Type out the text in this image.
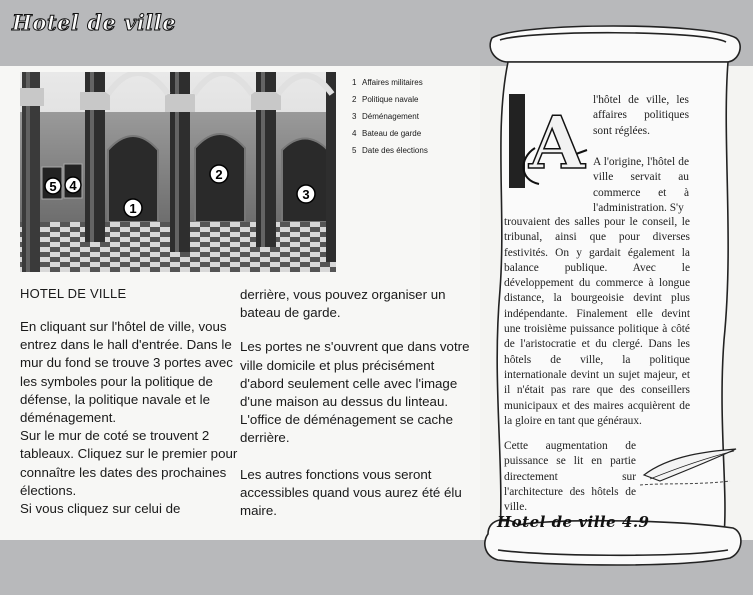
Hotel de ville
1
2
3
4
5
1 Affaires militaires
2 Politique navale
3 Déménagement
4 Bateau de garde
5 Date des élections
HOTEL DE VILLE

En cliquant sur l'hôtel de ville, vous entrez dans le hall d'entrée. Dans le mur du fond se trouve 3 portes avec les symboles pour la politique de défense, la politique navale et le déménagement.

Sur le mur de coté se trouvent 2 tableaux. Cliquez sur le premier pour connaître les dates des prochaines élections.

Si vous cliquez sur celui de

derrière, vous pouvez organiser un bateau de garde.

Les portes ne s'ouvrent que dans votre ville domicile et plus précisément d'abord seulement celle avec l'image d'une maison au dessus du linteau. L'office de déménagement se cache derrière.

Les autres fonctions vous seront accessibles quand vous aurez été élu maire.

A l'hôtel de ville, les affaires politiques sont réglées.
A l'origine, l'hôtel de ville servait au commerce et à l'administration. S'y
trouvaient des salles pour le conseil, le tribunal, ainsi que pour diverses festivités. On y gardait également la balance publique. Avec le développement du commerce à longue distance, la bourgeoisie devint plus indépendante. Finalement elle devint une troisième puissance politique à côté de l'aristocratie et du clergé. Dans les hôtels de ville, la politique internationale devint un sujet majeur, et il n'était pas rare que des conseillers municipaux et des maires acquièrent de la gloire en tant que généraux.
Cette augmentation de puissance se lit en partie directement sur l'architecture des hôtels de ville.
Hotel de ville 4.9
